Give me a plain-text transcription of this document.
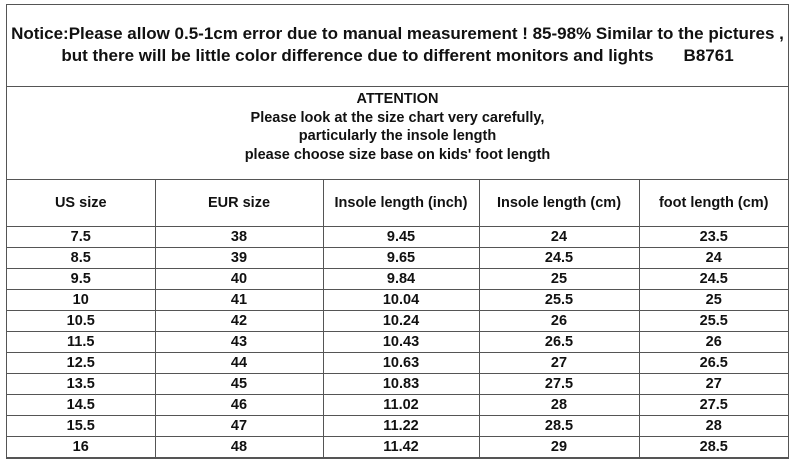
Notice:Please allow 0.5-1cm error due to manual measurement ! 85-98% Similar to the pictures ,
but there will be little color difference due to different monitors and lights B8761
ATTENTION
Please look at the size chart very carefully,
particularly the insole length
please choose size base on kids' foot length
US size	EUR size	Insole length (inch)	Insole length (cm)	foot length (cm)
7.5	38	9.45	24	23.5
8.5	39	9.65	24.5	24
9.5	40	9.84	25	24.5
10	41	10.04	25.5	25
10.5	42	10.24	26	25.5
11.5	43	10.43	26.5	26
12.5	44	10.63	27	26.5
13.5	45	10.83	27.5	27
14.5	46	11.02	28	27.5
15.5	47	11.22	28.5	28
16	48	11.42	29	28.5
